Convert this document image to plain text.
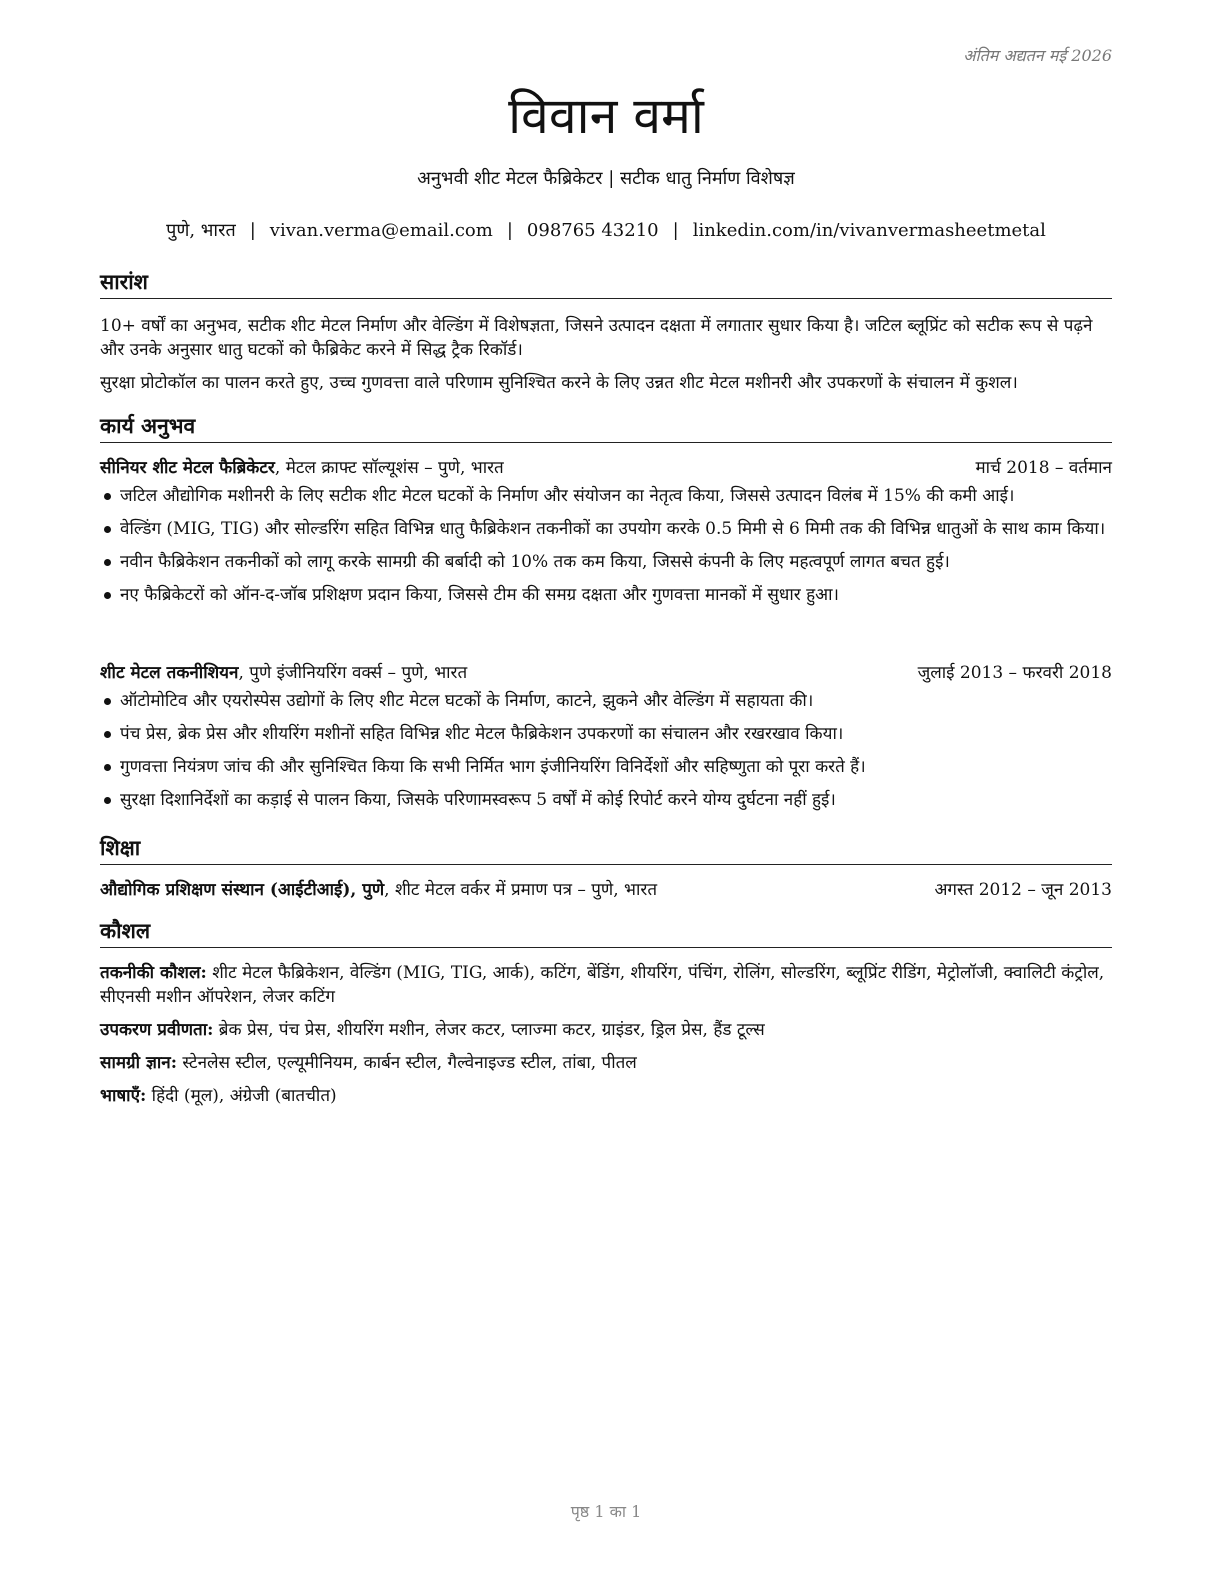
अंतिम अद्यतन मई 2026
विवान वर्मा
अनुभवी शीट मेटल फैब्रिकेटर | सटीक धातु निर्माण विशेषज्ञ
पुणे, भारत | vivan.verma@email.com | 098765 43210 | linkedin.com/in/vivanvermasheetmetal
सारांश

10+ वर्षों का अनुभव, सटीक शीट मेटल निर्माण और वेल्डिंग में विशेषज्ञता, जिसने उत्पादन दक्षता में लगातार सुधार किया है। जटिल ब्लूप्रिंट को सटीक रूप से पढ़ने और उनके अनुसार धातु घटकों को फैब्रिकेट करने में सिद्ध ट्रैक रिकॉर्ड।

सुरक्षा प्रोटोकॉल का पालन करते हुए, उच्च गुणवत्ता वाले परिणाम सुनिश्चित करने के लिए उन्नत शीट मेटल मशीनरी और उपकरणों के संचालन में कुशल।

कार्य अनुभव
सीनियर शीट मेटल फैब्रिकेटर, मेटल क्राफ्ट सॉल्यूशंस – पुणे, भारत	मार्च 2018 – वर्तमान
जटिल औद्योगिक मशीनरी के लिए सटीक शीट मेटल घटकों के निर्माण और संयोजन का नेतृत्व किया, जिससे उत्पादन विलंब में 15% की कमी आई।
वेल्डिंग (MIG, TIG) और सोल्डरिंग सहित विभिन्न धातु फैब्रिकेशन तकनीकों का उपयोग करके 0.5 मिमी से 6 मिमी तक की विभिन्न धातुओं के साथ काम किया।
नवीन फैब्रिकेशन तकनीकों को लागू करके सामग्री की बर्बादी को 10% तक कम किया, जिससे कंपनी के लिए महत्वपूर्ण लागत बचत हुई।
नए फैब्रिकेटरों को ऑन-द-जॉब प्रशिक्षण प्रदान किया, जिससे टीम की समग्र दक्षता और गुणवत्ता मानकों में सुधार हुआ।
शीट मेटल तकनीशियन, पुणे इंजीनियरिंग वर्क्स – पुणे, भारत	जुलाई 2013 – फरवरी 2018
ऑटोमोटिव और एयरोस्पेस उद्योगों के लिए शीट मेटल घटकों के निर्माण, काटने, झुकने और वेल्डिंग में सहायता की।
पंच प्रेस, ब्रेक प्रेस और शीयरिंग मशीनों सहित विभिन्न शीट मेटल फैब्रिकेशन उपकरणों का संचालन और रखरखाव किया।
गुणवत्ता नियंत्रण जांच की और सुनिश्चित किया कि सभी निर्मित भाग इंजीनियरिंग विनिर्देशों और सहिष्णुता को पूरा करते हैं।
सुरक्षा दिशानिर्देशों का कड़ाई से पालन किया, जिसके परिणामस्वरूप 5 वर्षों में कोई रिपोर्ट करने योग्य दुर्घटना नहीं हुई।
शिक्षा
औद्योगिक प्रशिक्षण संस्थान (आईटीआई), पुणे, शीट मेटल वर्कर में प्रमाण पत्र – पुणे, भारत	अगस्त 2012 – जून 2013
कौशल

तकनीकी कौशल: शीट मेटल फैब्रिकेशन, वेल्डिंग (MIG, TIG, आर्क), कटिंग, बेंडिंग, शीयरिंग, पंचिंग, रोलिंग, सोल्डरिंग, ब्लूप्रिंट रीडिंग, मेट्रोलॉजी, क्वालिटी कंट्रोल, सीएनसी मशीन ऑपरेशन, लेजर कटिंग

उपकरण प्रवीणता: ब्रेक प्रेस, पंच प्रेस, शीयरिंग मशीन, लेजर कटर, प्लाज्मा कटर, ग्राइंडर, ड्रिल प्रेस, हैंड टूल्स

सामग्री ज्ञान: स्टेनलेस स्टील, एल्यूमीनियम, कार्बन स्टील, गैल्वेनाइज्ड स्टील, तांबा, पीतल

भाषाएँ: हिंदी (मूल), अंग्रेजी (बातचीत)

पृष्ठ 1 का 1
